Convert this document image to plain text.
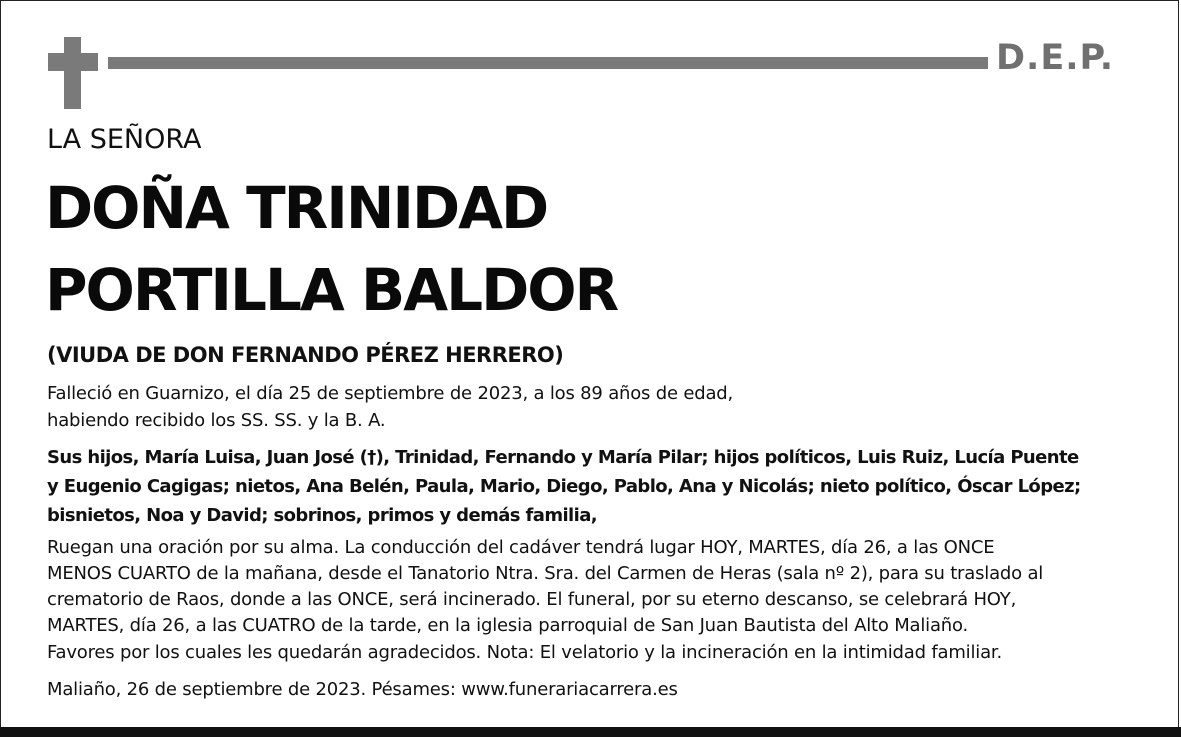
D.E.P.
LA SEÑORA
DOÑA TRINIDAD
PORTILLA BALDOR
(VIUDA DE DON FERNANDO PÉREZ HERRERO)
Falleció en Guarnizo, el día 25 de septiembre de 2023, a los 89 años de edad,
habiendo recibido los SS. SS. y la B. A.
Sus hijos, María Luisa, Juan José (†), Trinidad, Fernando y María Pilar; hijos políticos, Luis Ruiz, Lucía Puente
y Eugenio Cagigas; nietos, Ana Belén, Paula, Mario, Diego, Pablo, Ana y Nicolás; nieto político, Óscar López;
bisnietos, Noa y David; sobrinos, primos y demás familia,
Ruegan una oración por su alma. La conducción del cadáver tendrá lugar HOY, MARTES, día 26, a las ONCE
MENOS CUARTO de la mañana, desde el Tanatorio Ntra. Sra. del Carmen de Heras (sala nº 2), para su traslado al
crematorio de Raos, donde a las ONCE, será incinerado. El funeral, por su eterno descanso, se celebrará HOY,
MARTES, día 26, a las CUATRO de la tarde, en la iglesia parroquial de San Juan Bautista del Alto Maliaño.
Favores por los cuales les quedarán agradecidos. Nota: El velatorio y la incineración en la intimidad familiar.
Maliaño, 26 de septiembre de 2023. Pésames: www.funerariacarrera.es
